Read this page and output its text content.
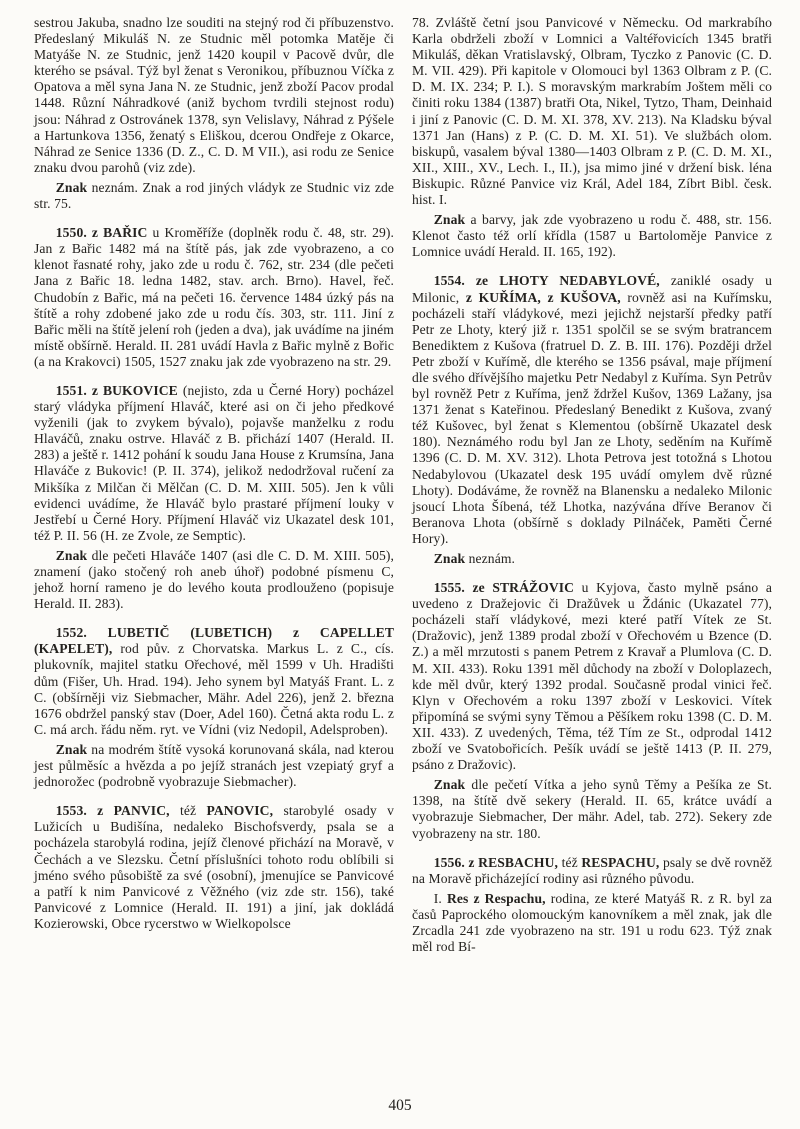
sestrou Jakuba, snadno lze souditi na stejný rod či příbuzenstvo. Předeslaný Mikuláš N. ze Studnic měl potomka Matěje či Matyáše N. ze Studnic, jenž 1420 koupil v Pacově dvůr, dle kterého se psával. Týž byl ženat s Veronikou, příbuznou Víčka z Opatova a měl syna Jana N. ze Studnic, jenž zboží Pacov prodal 1448. Různí Náhradkové (aniž bychom tvrdili stejnost rodu) jsou: Náhrad z Ostrovánek 1378, syn Velislavy, Náhrad z Pýšele a Hartunkova 1356, ženatý s Eliškou, dcerou Ondřeje z Okarce, Náhrad ze Senice 1336 (D. Z., C. D. M VII.), asi rodu ze Senice znaku dvou parohů (viz zde).

Znak neznám. Znak a rod jiných vládyk ze Studnic viz zde str. 75.

1550. z BAŘIC u Kroměříže (doplněk rodu č. 48, str. 29). Jan z Bařic 1482 má na štítě pás, jak zde vyobrazeno, a co klenot řasnaté rohy, jako zde u rodu č. 762, str. 234 (dle pečeti Jana z Bařic 18. ledna 1482, stav. arch. Brno). Havel, řeč. Chudobín z Bařic, má na pečeti 16. července 1484 úzký pás na štítě a rohy zdobené jako zde u rodu čís. 303, str. 111. Jiní z Bařic měli na štítě jelení roh (jeden a dva), jak uvádíme na jiném místě obšírně. Herald. II. 281 uvádí Havla z Bařic mylně z Bořic (a na Krakovci) 1505, 1527 znaku jak zde vyobrazeno na str. 29.

1551. z BUKOVICE (nejisto, zda u Černé Hory) pocházel starý vládyka příjmení Hlaváč, které asi on či jeho předkové vyženili (jak to zvykem bývalo), pojavše manželku z rodu Hlaváčů, znaku ostrve. Hlaváč z B. přichází 1407 (Herald. II. 283) a ještě r. 1412 pohání k soudu Jana House z Krumsína, Jana Hlaváče z Bukovic! (P. II. 374), jelikož nedodržoval ručení za Mikšíka z Milčan či Mělčan (C. D. M. XIII. 505). Jen k vůli evidenci uvádíme, že Hlaváč bylo prastaré příjmení louky v Jestřebí u Černé Hory. Příjmení Hlaváč viz Ukazatel desk 101, též P. II. 56 (H. ze Zvole, ze Semptic).

Znak dle pečeti Hlaváče 1407 (asi dle C. D. M. XIII. 505), znamení (jako stočený roh aneb úhoř) podobné písmenu C, jehož horní rameno je do levého kouta prodlouženo (popisuje Herald. II. 283).

1552. LUBETIČ (LUBETICH) z CAPELLET (KAPELET), rod pův. z Chorvatska. Markus L. z C., cís. plukovník, majitel statku Ořechové, měl 1599 v Uh. Hradišti dům (Fišer, Uh. Hrad. 194). Jeho synem byl Matyáš Frant. L. z C. (obšírněji viz Siebmacher, Mähr. Adel 226), jenž 2. března 1676 obdržel panský stav (Doer, Adel 160). Četná akta rodu L. z C. má arch. řádu něm. ryt. ve Vídni (viz Nedopil, Adelsproben).

Znak na modrém štítě vysoká korunovaná skála, nad kterou jest půlměsíc a hvězda a po jejíž stranách jest vzepiatý gryf a jednorožec (podrobně vyobrazuje Siebmacher).

1553. z PANVIC, též PANOVIC, starobylé osady v Lužicích u Budišína, nedaleko Bischofsverdy, psala se a pocházela starobylá rodina, jejíž členové přichází na Moravě, v Čechách a ve Slezsku. Četní příslušníci tohoto rodu oblíbili si jméno svého působiště za své (osobní), jmenujíce se Panvicové a patří k nim Panvicové z Věžného (viz zde str. 156), také Panvicové z Lomnice (Herald. II. 191) a jiní, jak dokládá Kozierowski, Obce rycerstwo w Wielkopolsce

78. Zvláště četní jsou Panvicové v Německu. Od markrabího Karla obdrželi zboží v Lomnici a Valtéřovicích 1345 bratři Mikuláš, děkan Vratislavský, Olbram, Tyczko z Panovic (C. D. M. VII. 429). Při kapitole v Olomouci byl 1363 Olbram z P. (C. D. M. IX. 234; P. I.). S moravským markrabím Joštem měli co činiti roku 1384 (1387) bratři Ota, Nikel, Tytzo, Tham, Deinhaid i jiní z Panovic (C. D. M. XI. 378, XV. 213). Na Kladsku býval 1371 Jan (Hans) z P. (C. D. M. XI. 51). Ve službách olom. biskupů, vasalem býval 1380—1403 Olbram z P. (C. D. M. XI., XII., XIII., XV., Lech. I., II.), jsa mimo jiné v držení bisk. léna Biskupic. Různé Panvice viz Král, Adel 184, Zíbrt Bibl. česk. hist. I.

Znak a barvy, jak zde vyobrazeno u rodu č. 488, str. 156. Klenot často též orlí křídla (1587 u Bartoloměje Panvice z Lomnice uvádí Herald. II. 165, 192).

1554. ze LHOTY NEDABYLOVÉ, zaniklé osady u Milonic, z KUŘÍMA, z KUŠOVA, rovněž asi na Kuřímsku, pocházeli staří vládykové, mezi jejichž nejstarší předky patří Petr ze Lhoty, který již r. 1351 spolčil se se svým bratrancem Benediktem z Kušova (fratruel D. Z. B. III. 176). Později držel Petr zboží v Kuřímě, dle kterého se 1356 psával, maje příjmení dle svého dřívějšího majetku Petr Nedabyl z Kuříma. Syn Petrův byl rovněž Petr z Kuříma, jenž ždržel Kušov, 1369 Lažany, jsa 1371 ženat s Kateřinou. Předeslaný Benedikt z Kušova, zvaný též Kušovec, byl ženat s Klementou (obšírně Ukazatel desk 180). Neznámého rodu byl Jan ze Lhoty, seděním na Kuřímě 1396 (C. D. M. XV. 312). Lhota Petrova jest totožná s Lhotou Nedabylovou (Ukazatel desk 195 uvádí omylem dvě různé Lhoty). Dodáváme, že rovněž na Blanensku a nedaleko Milonic jsoucí Lhota Šíbená, též Lhotka, nazývána dříve Beranov či Beranova Lhota (obšírně s doklady Pilnáček, Paměti Černé Hory).

Znak neznám.

1555. ze STRÁŽOVIC u Kyjova, často mylně psáno a uvedeno z Dražejovic či Dražůvek u Ždánic (Ukazatel 77), pocházeli staří vládykové, mezi které patří Vítek ze St. (Dražovic), jenž 1389 prodal zboží v Ořechovém u Bzence (D. Z.) a měl mrzutosti s panem Petrem z Kravař a Plumlova (C. D. M. XII. 433). Roku 1391 měl důchody na zboží v Doloplazech, kde měl dvůr, který 1392 prodal. Současně prodal vinici řeč. Klyn v Ořechovém a roku 1397 zboží v Leskovici. Vítek připomíná se svými syny Těmou a Pěšíkem roku 1398 (C. D. M. XII. 433). Z uvedených, Těma, též Tím ze St., odprodal 1412 zboží ve Svatobořicích. Pešík uvádí se ještě 1413 (P. II. 279, psáno z Dražovic).

Znak dle pečetí Vítka a jeho synů Těmy a Pešíka ze St. 1398, na štítě dvě sekery (Herald. II. 65, krátce uvádí a vyobrazuje Siebmacher, Der mähr. Adel, tab. 272). Sekery zde vyobrazeny na str. 180.

1556. z RESBACHU, též RESPACHU, psaly se dvě rovněž na Moravě přicházející rodiny asi různého původu.

I. Res z Respachu, rodina, ze které Matyáš R. z R. byl za časů Paprockého olomouckým kanovníkem a měl znak, jak dle Zrcadla 241 zde vyobrazeno na str. 191 u rodu 623. Týž znak měl rod Bí-

405
